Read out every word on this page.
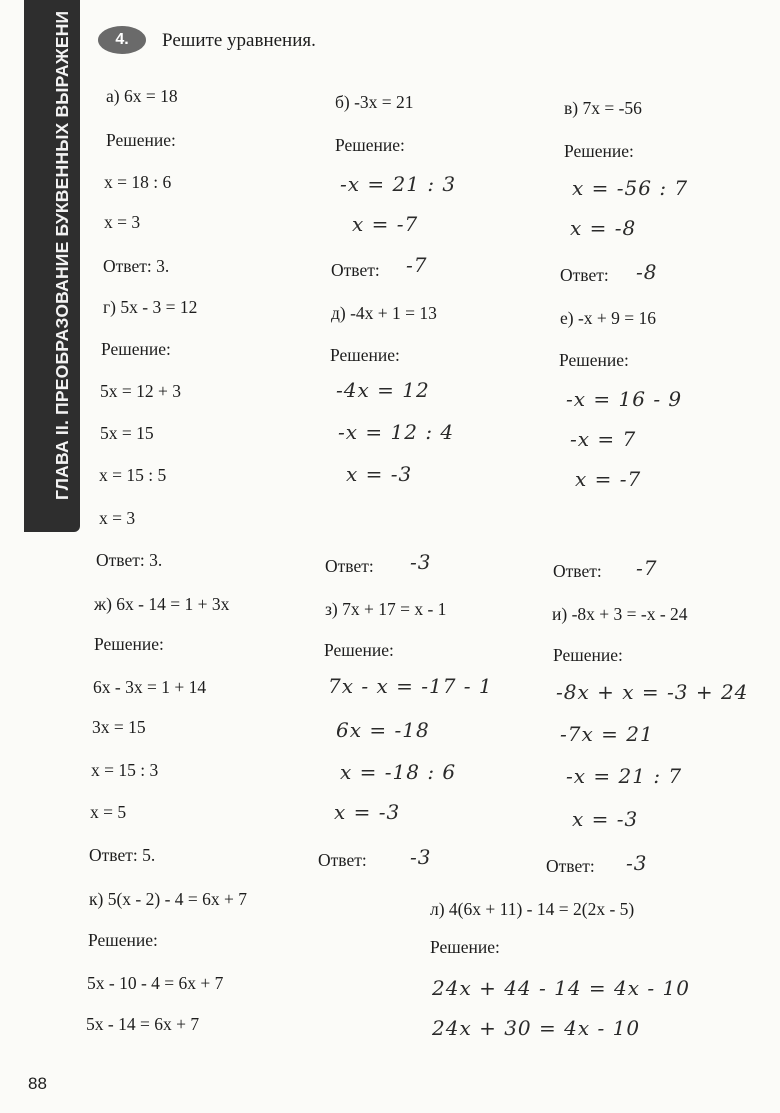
ГЛАВА II. ПРЕОБРАЗОВАНИЕ БУКВЕННЫХ ВЫРАЖЕНИ	4.	Решите уравнения.
а) 6x = 18
Решение:
x = 18 : 6
x = 3
Ответ: 3.
б) -3x = 21
Решение:
-x = 21 : 3
x = -7
Ответ: -7
в) 7x = -56
Решение:
x = -56 : 7
x = -8
Ответ: -8
г) 5x - 3 = 12
Решение:
5x = 12 + 3
5x = 15
x = 15 : 5
x = 3
Ответ: 3.
д) -4x + 1 = 13
Решение:
-4x = 12
-x = 12 : 4
x = -3
Ответ: -3
е) -x + 9 = 16
Решение:
-x = 16 - 9
-x = 7
x = -7
Ответ: -7
ж) 6x - 14 = 1 + 3x
Решение:
6x - 3x = 1 + 14
3x = 15
x = 15 : 3
x = 5
Ответ: 5.
з) 7x + 17 = x - 1
Решение:
7x - x = -17 - 1
6x = -18
x = -18 : 6
x = -3
Ответ: -3
и) -8x + 3 = -x - 24
Решение:
-8x + x = -3 + 24
-7x = 21
-x = 21 : 7
x = -3
Ответ: -3
к) 5(x - 2) - 4 = 6x + 7
Решение:
5x - 10 - 4 = 6x + 7
5x - 14 = 6x + 7
л) 4(6x + 11) - 14 = 2(2x - 5)
Решение:
24x + 44 - 14 = 4x - 10
24x + 30 = 4x - 10
88
